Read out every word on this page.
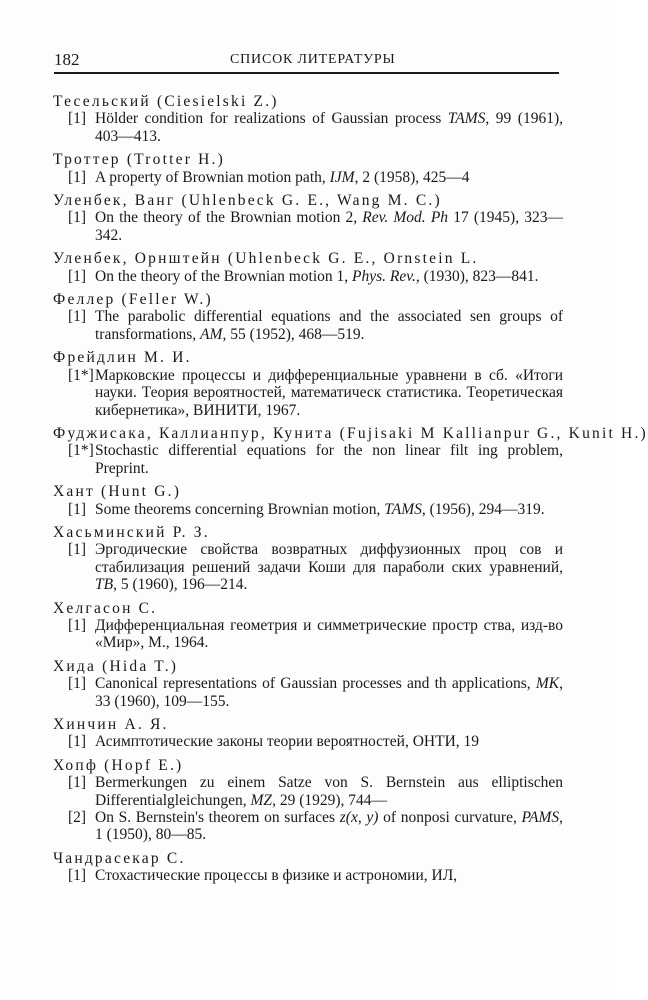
182	СПИСОК ЛИТЕРАТУРЫ
Тесельский (Ciesielski Z.)
[1] Hölder condition for realizations of Gaussian process TAMS, 99 (1961), 403—413.
Троттер (Trotter H.)
[1] A property of Brownian motion path, IJM, 2 (1958), 425—4
Уленбек, Ванг (Uhlenbeck G. E., Wang M. C.)
[1] On the theory of the Brownian motion 2, Rev. Mod. Ph 17 (1945), 323—342.
Уленбек, Орнштейн (Uhlenbeck G. E., Ornstein L.
[1] On the theory of the Brownian motion 1, Phys. Rev., (1930), 823—841.
Феллер (Feller W.)
[1] The parabolic differential equations and the associated sen groups of transformations, AM, 55 (1952), 468—519.
Фрейдлин М. И.
[1*] Марковские процессы и дифференциальные уравнени в сб. «Итоги науки. Теория вероятностей, математическ статистика. Теоретическая кибернетика», ВИНИТИ, 1967.
Фуджисака, Каллианпур, Кунита (Fujisaki M Kallianpur G., Kunit H.)
[1*] Stochastic differential equations for the non linear filt ing problem, Preprint.
Хант (Hunt G.)
[1] Some theorems concerning Brownian motion, TAMS, (1956), 294—319.
Хасьминский Р. З.
[1] Эргодические свойства возвратных диффузионных проц сов и стабилизация решений задачи Коши для параболи ских уравнений, TB, 5 (1960), 196—214.
Хелгасон С.
[1] Дифференциальная геометрия и симметрические простр ства, изд-во «Мир», М., 1964.
Хида (Hida T.)
[1] Canonical representations of Gaussian processes and th applications, MK, 33 (1960), 109—155.
Хинчин А. Я.
[1] Асимптотические законы теории вероятностей, ОНТИ, 19
Хопф (Hopf E.)
[1] Bermerkungen zu einem Satze von S. Bernstein aus elliptischen Differentialgleichungen, MZ, 29 (1929), 744—
[2] On S. Bernstein's theorem on surfaces z(x, y) of nonposi curvature, PAMS, 1 (1950), 80—85.
Чандрасекар С.
[1] Стохастические процессы в физике и астрономии, ИЛ,
